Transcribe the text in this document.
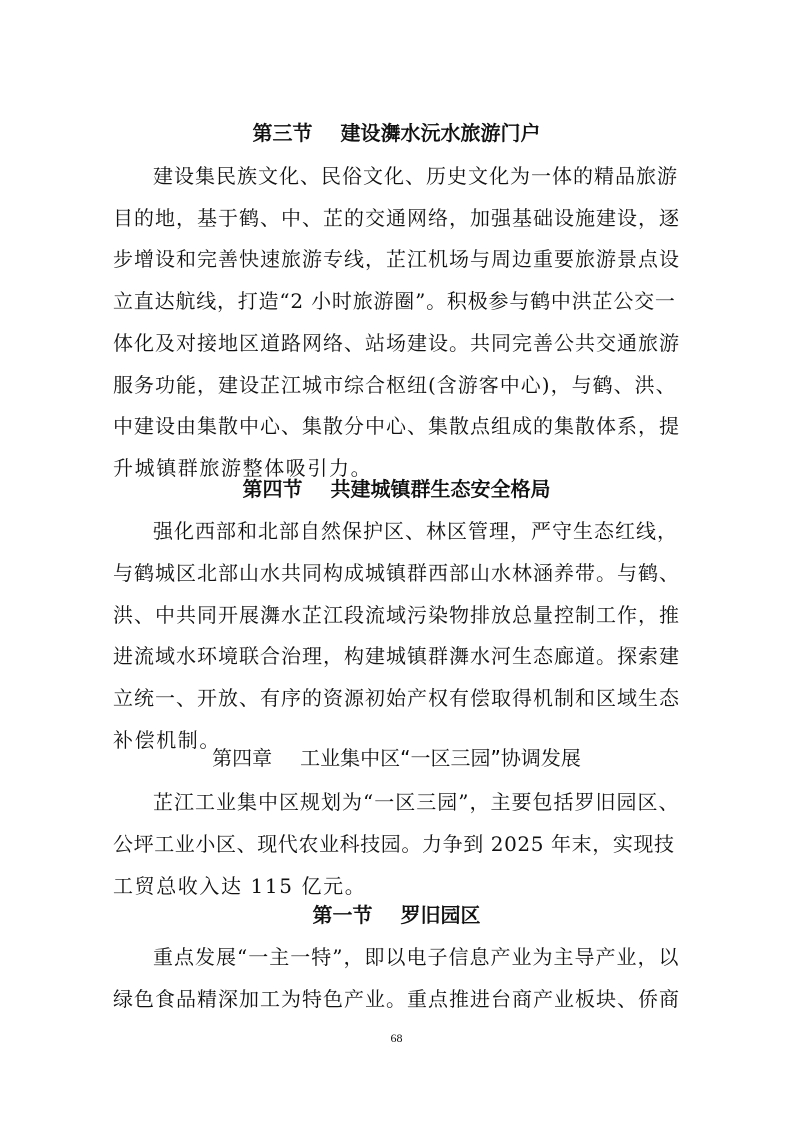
第三节 建设㵲水沅水旅游门户
建设集民族文化、民俗文化、历史文化为一体的精品旅游
目的地，基于鹤、中、芷的交通网络，加强基础设施建设，逐
步增设和完善快速旅游专线，芷江机场与周边重要旅游景点设
立直达航线，打造“2 小时旅游圈”。积极参与鹤中洪芷公交一
体化及对接地区道路网络、站场建设。共同完善公共交通旅游
服务功能，建设芷江城市综合枢纽(含游客中心)，与鹤、洪、
中建设由集散中心、集散分中心、集散点组成的集散体系，提
升城镇群旅游整体吸引力。
第四节 共建城镇群生态安全格局
强化西部和北部自然保护区、林区管理，严守生态红线，
与鹤城区北部山水共同构成城镇群西部山水林涵养带。与鹤、
洪、中共同开展㵲水芷江段流域污染物排放总量控制工作，推
进流域水环境联合治理，构建城镇群㵲水河生态廊道。探索建
立统一、开放、有序的资源初始产权有偿取得机制和区域生态
补偿机制。
第四章 工业集中区“一区三园”协调发展
芷江工业集中区规划为“一区三园”，主要包括罗旧园区、
公坪工业小区、现代农业科技园。力争到 2025 年末，实现技
工贸总收入达 115 亿元。
第一节 罗旧园区
重点发展“一主一特”，即以电子信息产业为主导产业，以
绿色食品精深加工为特色产业。重点推进台商产业板块、侨商
68
